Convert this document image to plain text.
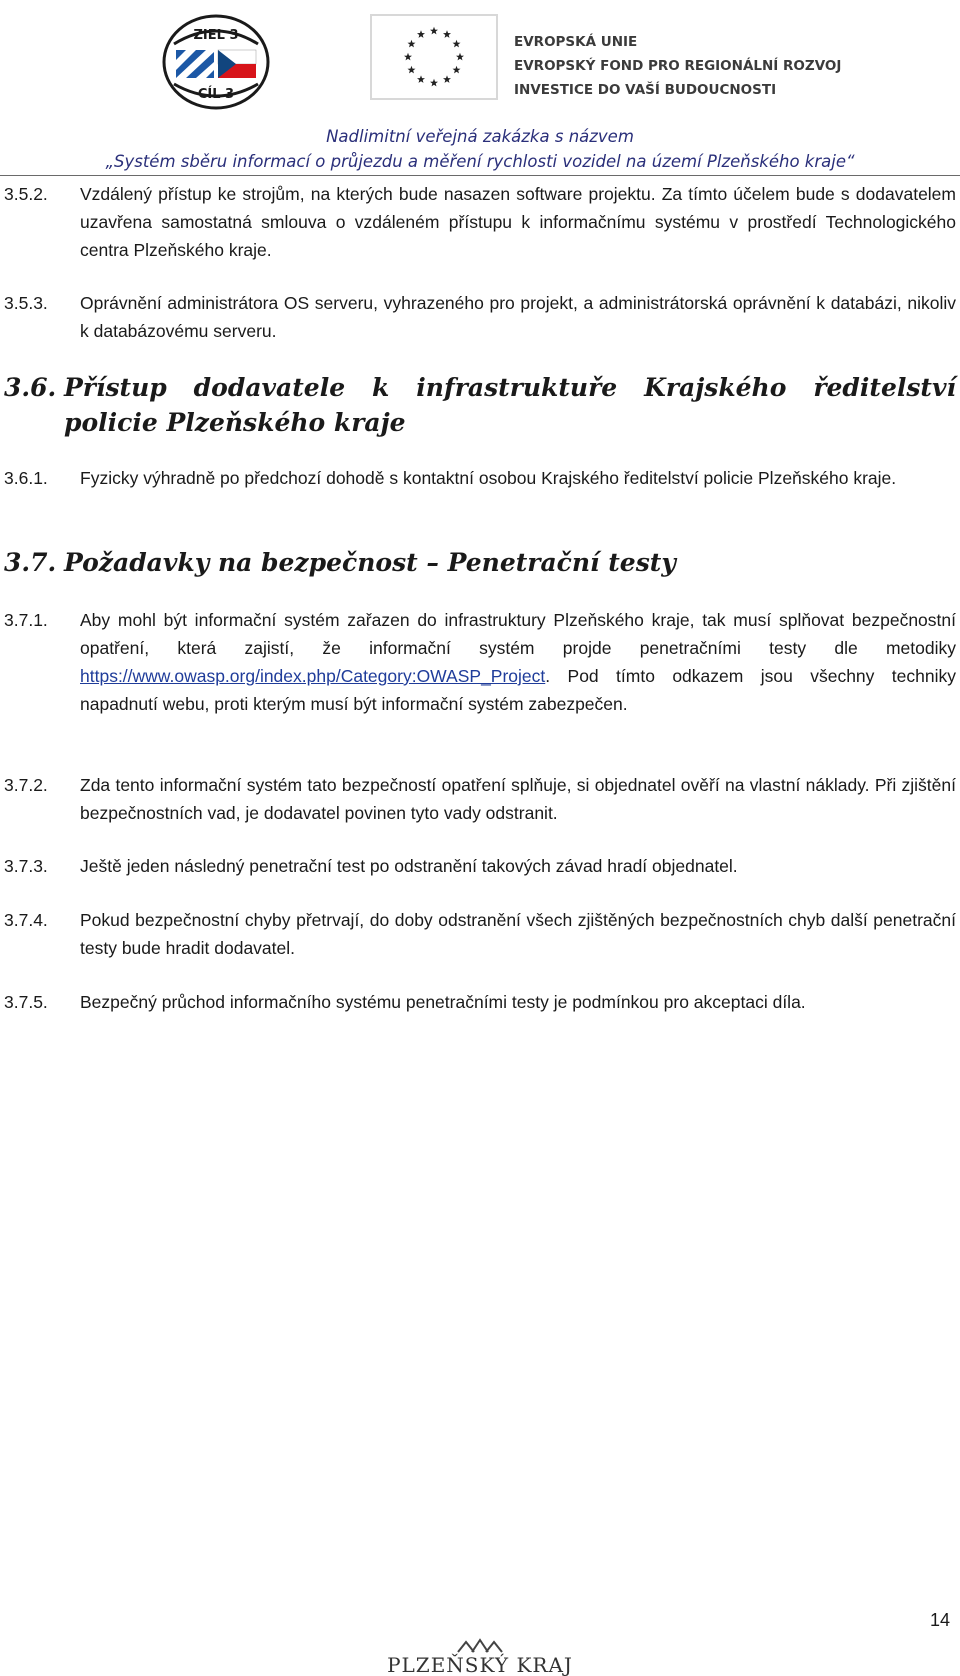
ZIEL 3
CÍL 3
EVROPSKÁ UNIE
EVROPSKÝ FOND PRO REGIONÁLNÍ ROZVOJ
INVESTICE DO VAŠÍ BUDOUCNOSTI
Nadlimitní veřejná zakázka s názvem
„Systém sběru informací o průjezdu a měření rychlosti vozidel na území Plzeňského kraje“
3.5.2. Vzdálený přístup ke strojům, na kterých bude nasazen software projektu. Za tímto účelem bude s dodavatelem uzavřena samostatná smlouva o vzdáleném přístupu k informačnímu systému v prostředí Technologického centra Plzeňského kraje.
3.5.3. Oprávnění administrátora OS serveru, vyhrazeného pro projekt, a administrátorská oprávnění k databázi, nikoliv k databázovému serveru.
3.6. Přístup dodavatele k infrastruktuře Krajského ředitelství policie Plzeňského kraje
3.6.1. Fyzicky výhradně po předchozí dohodě s kontaktní osobou Krajského ředitelství policie Plzeňského kraje.
3.7. Požadavky na bezpečnost – Penetrační testy
3.7.1. Aby mohl být informační systém zařazen do infrastruktury Plzeňského kraje, tak musí splňovat bezpečnostní opatření, která zajistí, že informační systém projde penetračními testy dle metodiky https://www.owasp.org/index.php/Category:OWASP_Project. Pod tímto odkazem jsou všechny techniky napadnutí webu, proti kterým musí být informační systém zabezpečen.
3.7.2. Zda tento informační systém tato bezpečností opatření splňuje, si objednatel ověří na vlastní náklady. Při zjištění bezpečnostních vad, je dodavatel povinen tyto vady odstranit.
3.7.3. Ještě jeden následný penetrační test po odstranění takových závad hradí objednatel.
3.7.4. Pokud bezpečnostní chyby přetrvají, do doby odstranění všech zjištěných bezpečnostních chyb další penetrační testy bude hradit dodavatel.
3.7.5. Bezpečný průchod informačního systému penetračními testy je podmínkou pro akceptaci díla.
14
PLZEŇSKÝ KRAJ
